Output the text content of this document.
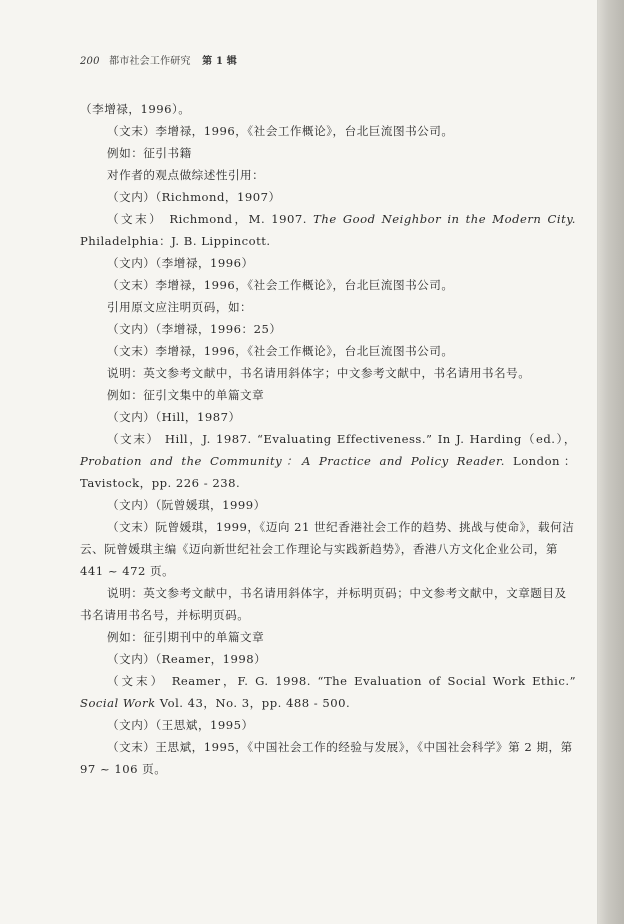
200 都市社会工作研究 第 1 辑

（李增禄，1996）。

（文末）李增禄，1996，《社会工作概论》，台北巨流图书公司。

例如：征引书籍

对作者的观点做综述性引用：

（文内）（Richmond，1907）

（文末） Richmond，M. 1907. The Good Neighbor in the Modern City. Philadelphia：J. B. Lippincott.

（文内）（李增禄，1996）

（文末）李增禄，1996，《社会工作概论》，台北巨流图书公司。

引用原文应注明页码，如：

（文内）（李增禄，1996：25）

（文末）李增禄，1996，《社会工作概论》，台北巨流图书公司。

说明：英文参考文献中，书名请用斜体字；中文参考文献中，书名请用书名号。

例如：征引文集中的单篇文章

（文内）（Hill，1987）

（文末） Hill，J. 1987. “Evaluating Effectiveness.” In J. Harding（ed.），Probation and the Community：A Practice and Policy Reader. London：Tavistock，pp. 226 - 238.

（文内）（阮曾媛琪，1999）

（文末）阮曾媛琪，1999，《迈向 21 世纪香港社会工作的趋势、挑战与使命》，载何洁云、阮曾媛琪主编《迈向新世纪社会工作理论与实践新趋势》，香港八方文化企业公司，第 441 ~ 472 页。

说明：英文参考文献中，书名请用斜体字，并标明页码；中文参考文献中，文章题目及书名请用书名号，并标明页码。

例如：征引期刊中的单篇文章

（文内）（Reamer，1998）

（文末） Reamer，F. G. 1998. “The Evaluation of Social Work Ethic.” Social Work Vol. 43，No. 3，pp. 488 - 500.

（文内）（王思斌，1995）

（文末）王思斌，1995，《中国社会工作的经验与发展》，《中国社会科学》第 2 期，第 97 ~ 106 页。
